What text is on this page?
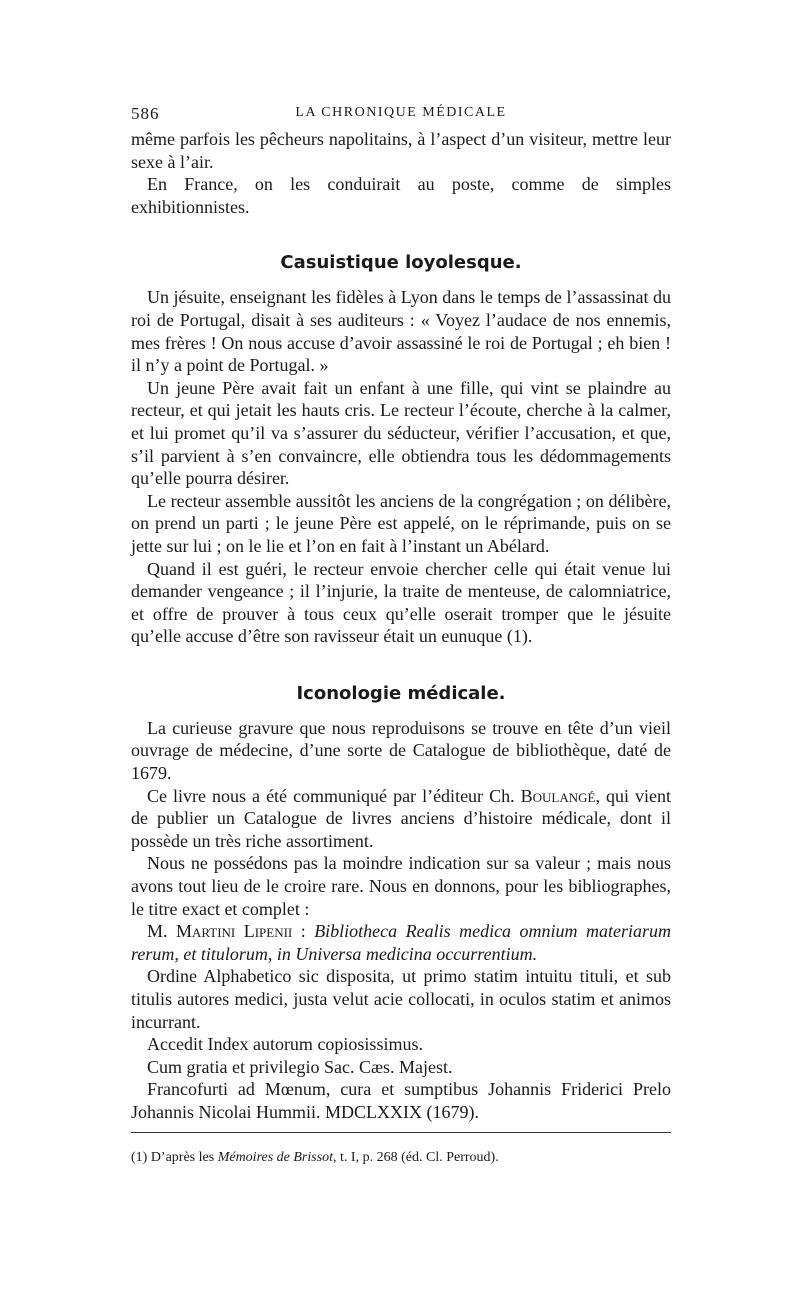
586	LA CHRONIQUE MÉDICALE

même parfois les pêcheurs napolitains, à l’aspect d’un visiteur, mettre leur sexe à l’air.

En France, on les conduirait au poste, comme de simples exhibitionnistes.

Casuistique loyolesque.

Un jésuite, enseignant les fidèles à Lyon dans le temps de l’assassinat du roi de Portugal, disait à ses auditeurs : « Voyez l’audace de nos ennemis, mes frères ! On nous accuse d’avoir assassiné le roi de Portugal ; eh bien ! il n’y a point de Portugal. »

Un jeune Père avait fait un enfant à une fille, qui vint se plaindre au recteur, et qui jetait les hauts cris. Le recteur l’écoute, cherche à la calmer, et lui promet qu’il va s’assurer du séducteur, vérifier l’accusation, et que, s’il parvient à s’en convaincre, elle obtiendra tous les dédommagements qu’elle pourra désirer.

Le recteur assemble aussitôt les anciens de la congrégation ; on délibère, on prend un parti ; le jeune Père est appelé, on le réprimande, puis on se jette sur lui ; on le lie et l’on en fait à l’instant un Abélard.

Quand il est guéri, le recteur envoie chercher celle qui était venue lui demander vengeance ; il l’injurie, la traite de menteuse, de calomniatrice, et offre de prouver à tous ceux qu’elle oserait tromper que le jésuite qu’elle accuse d’être son ravisseur était un eunuque (1).

Iconologie médicale.

La curieuse gravure que nous reproduisons se trouve en tête d’un vieil ouvrage de médecine, d’une sorte de Catalogue de bibliothèque, daté de 1679.

Ce livre nous a été communiqué par l’éditeur Ch. Boulangé, qui vient de publier un Catalogue de livres anciens d’histoire médicale, dont il possède un très riche assortiment.

Nous ne possédons pas la moindre indication sur sa valeur ; mais nous avons tout lieu de le croire rare. Nous en donnons, pour les bibliographes, le titre exact et complet :

M. Martini Lipenii : Bibliotheca Realis medica omnium materiarum rerum, et titulorum, in Universa medicina occurrentium.

Ordine Alphabetico sic disposita, ut primo statim intuitu tituli, et sub titulis autores medici, justa velut acie collocati, in oculos statim et animos incurrant.

Accedit Index autorum copiosissimus.

Cum gratia et privilegio Sac. Cæs. Majest.

Francofurti ad Mœnum, cura et sumptibus Johannis Friderici Prelo Johannis Nicolai Hummii. MDCLXXIX (1679).

(1) D’après les Mémoires de Brissot, t. I, p. 268 (éd. Cl. Perroud).
